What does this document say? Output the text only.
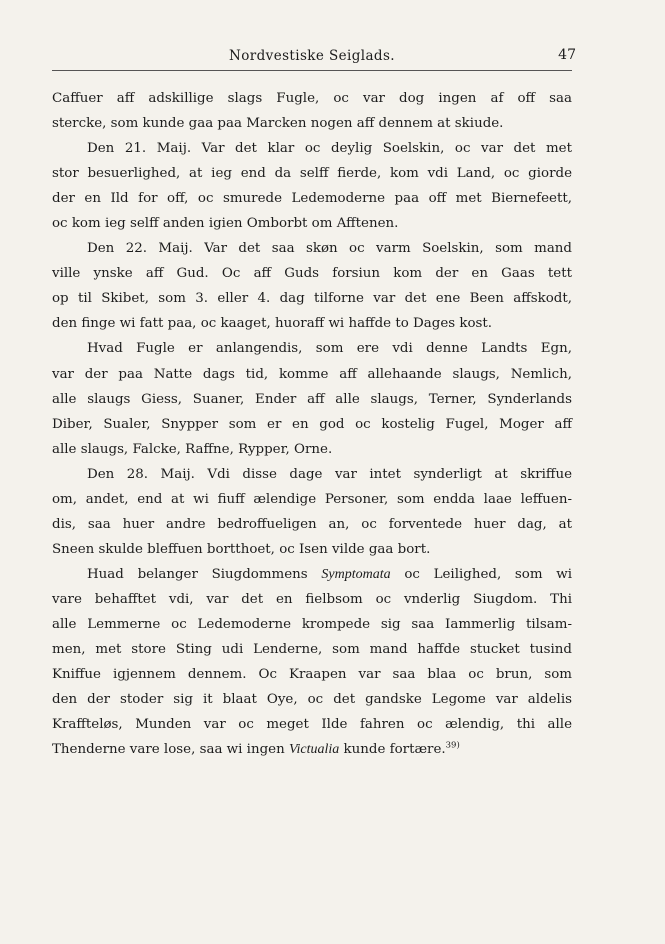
Nordvestiske Seiglads.	47
Caffuer aff adskillige slags Fugle, oc var dog ingen af off saa
stercke, som kunde gaa paa Marcken nogen aff dennem at skiude.
Den 21. Maij. Var det klar oc deylig Soelskin, oc var det met
stor besuerlighed, at ieg end da selff fierde, kom vdi Land, oc giorde
der en Ild for off, oc smurede Ledemoderne paa off met Biernefeett,
oc kom ieg selff anden igien Omborbt om Afftenen.
Den 22. Maij. Var det saa skøn oc varm Soelskin, som mand
ville ynske aff Gud. Oc aff Guds forsiun kom der en Gaas tett
op til Skibet, som 3. eller 4. dag tilforne var det ene Been affskodt,
den finge wi fatt paa, oc kaaget, huoraff wi haffde to Dages kost.
Hvad Fugle er anlangendis, som ere vdi denne Landts Egn,
var der paa Natte dags tid, komme aff allehaande slaugs, Nemlich,
alle slaugs Giess, Suaner, Ender aff alle slaugs, Terner, Synderlands
Diber, Sualer, Snypper som er en god oc kostelig Fugel, Moger aff
alle slaugs, Falcke, Raffne, Rypper, Orne.
Den 28. Maij. Vdi disse dage var intet synderligt at skriffue
om, andet, end at wi fiuff ælendige Personer, som endda laae leffuen-
dis, saa huer andre bedroffueligen an, oc forventede huer dag, at
Sneen skulde bleffuen bortthoet, oc Isen vilde gaa bort.
Huad belanger Siugdommens Symptomata oc Leilighed, som wi
vare behafftet vdi, var det en fielbsom oc vnderlig Siugdom. Thi
alle Lemmerne oc Ledemoderne krompede sig saa Iammerlig tilsam-
men, met store Sting udi Lenderne, som mand haffde stucket tusind
Kniffue igjennem dennem. Oc Kraapen var saa blaa oc brun, som
den der stoder sig it blaat Oye, oc det gandske Legome var aldelis
Kraffteløs, Munden var oc meget Ilde fahren oc ælendig, thi alle
Thenderne vare lose, saa wi ingen Victualia kunde fortære.$^{39)}$
